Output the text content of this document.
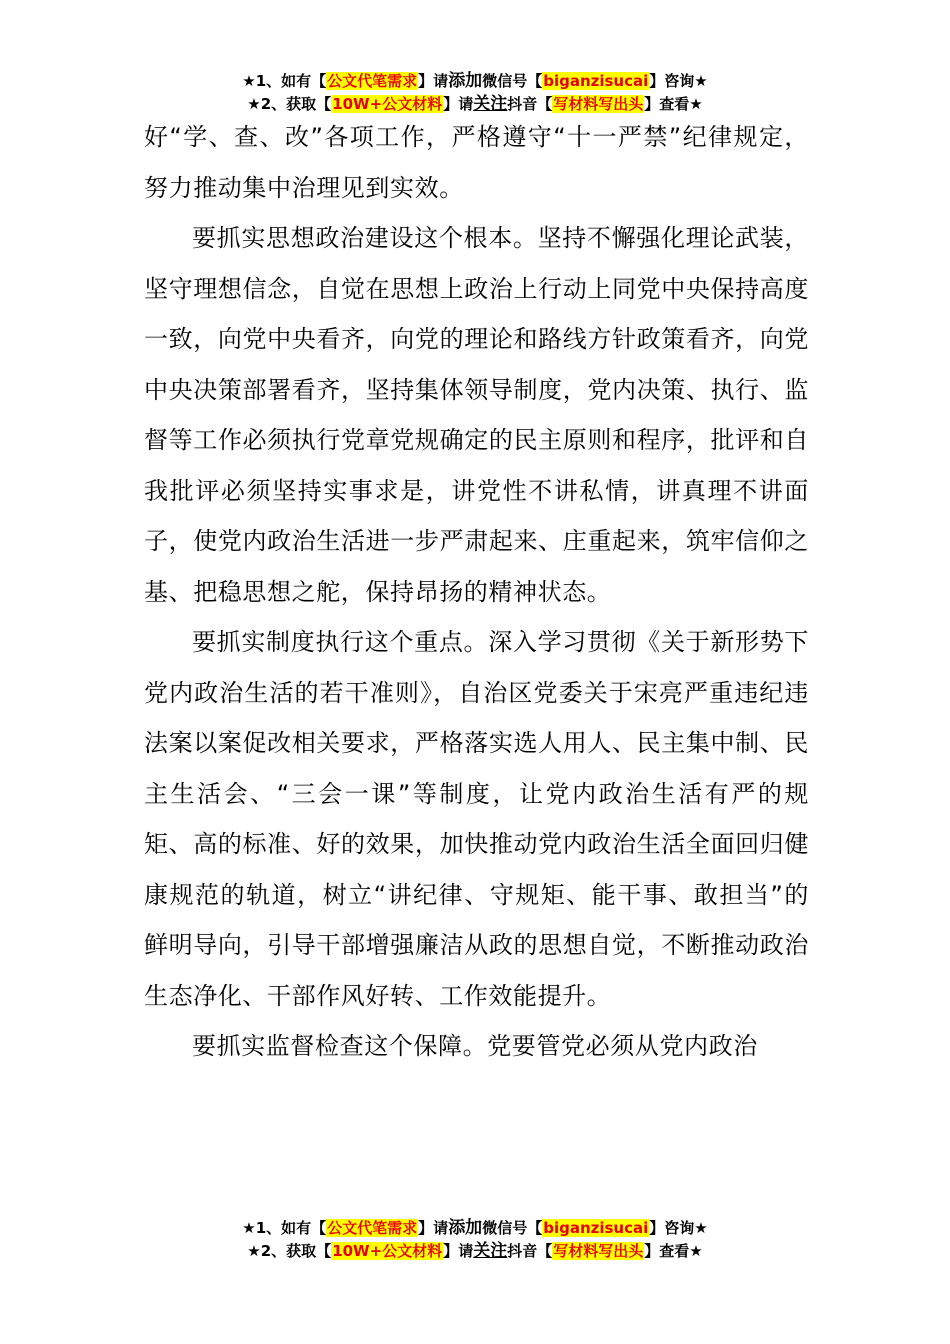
★1、如有【公文代笔需求】请添加微信号【biganzisucai】咨询★
★2、获取【10W+公文材料】请关注抖音【写材料写出头】查看★

好“学、查、改”各项工作，严格遵守“十一严禁”纪律规定，努力推动集中治理见到实效。

要抓实思想政治建设这个根本。坚持不懈强化理论武装，坚守理想信念，自觉在思想上政治上行动上同党中央保持高度一致，向党中央看齐，向党的理论和路线方针政策看齐，向党中央决策部署看齐，坚持集体领导制度，党内决策、执行、监督等工作必须执行党章党规确定的民主原则和程序，批评和自我批评必须坚持实事求是，讲党性不讲私情，讲真理不讲面子，使党内政治生活进一步严肃起来、庄重起来，筑牢信仰之基、把稳思想之舵，保持昂扬的精神状态。

要抓实制度执行这个重点。深入学习贯彻《关于新形势下党内政治生活的若干准则》，自治区党委关于宋亮严重违纪违法案以案促改相关要求，严格落实选人用人、民主集中制、民主生活会、“三会一课”等制度，让党内政治生活有严的规矩、高的标准、好的效果，加快推动党内政治生活全面回归健康规范的轨道，树立“讲纪律、守规矩、能干事、敢担当”的鲜明导向，引导干部增强廉洁从政的思想自觉，不断推动政治生态净化、干部作风好转、工作效能提升。

要抓实监督检查这个保障。党要管党必须从党内政治

★1、如有【公文代笔需求】请添加微信号【biganzisucai】咨询★
★2、获取【10W+公文材料】请关注抖音【写材料写出头】查看★
